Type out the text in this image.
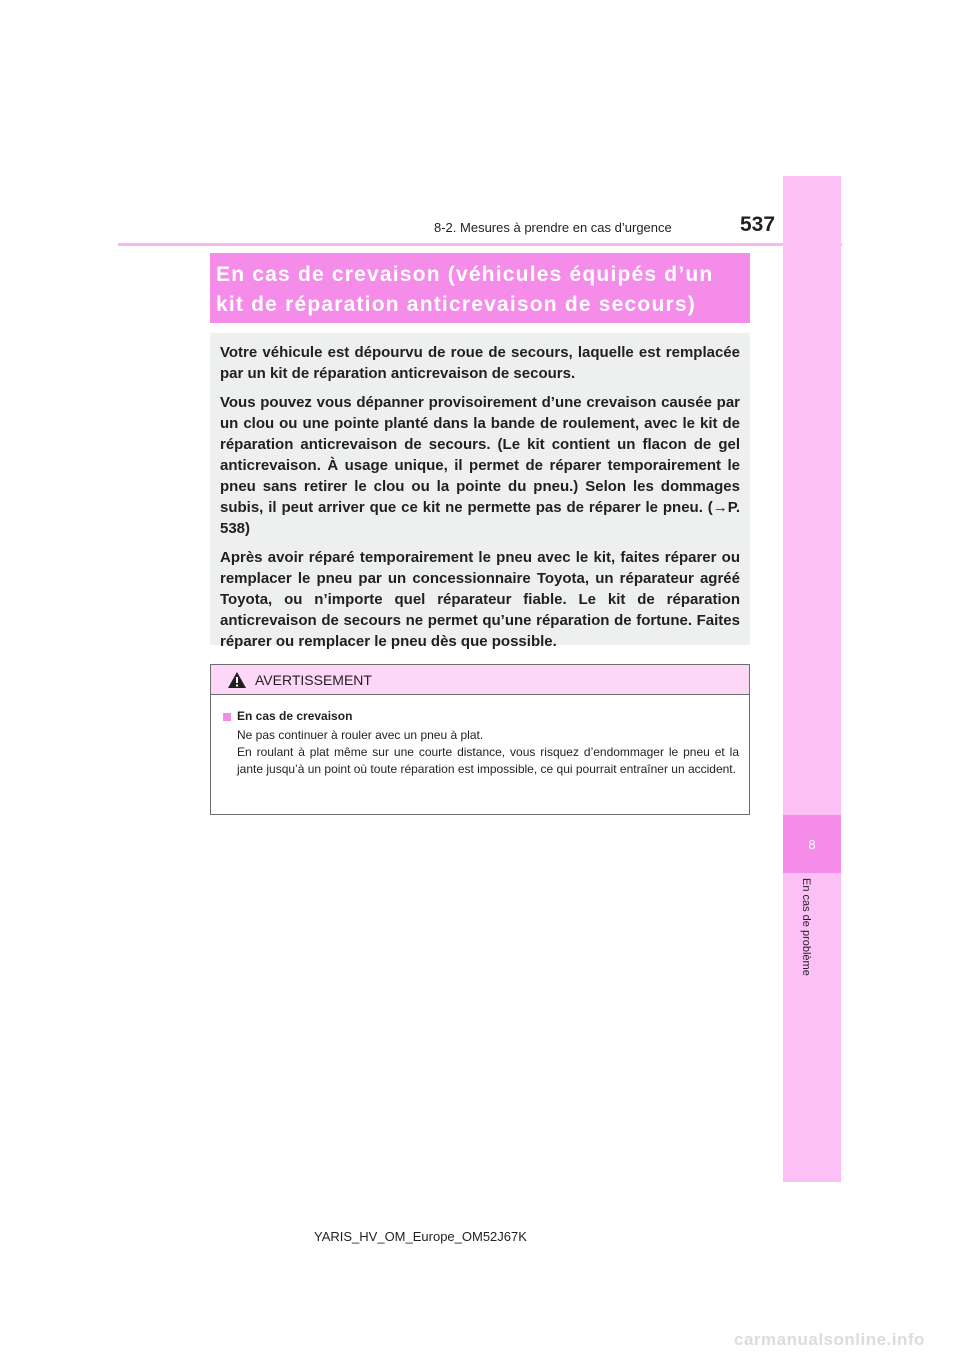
8-2. Mesures à prendre en cas d’urgence	537
8
En cas de problème
En cas de crevaison (véhicules équipés d’un
kit de réparation anticrevaison de secours)

Votre véhicule est dépourvu de roue de secours, laquelle est remplacée par un kit de réparation anticrevaison de secours.

Vous pouvez vous dépanner provisoirement d’une crevaison causée par un clou ou une pointe planté dans la bande de roulement, avec le kit de réparation anticrevaison de secours. (Le kit contient un flacon de gel anticrevaison. À usage unique, il permet de réparer temporairement le pneu sans retirer le clou ou la pointe du pneu.) Selon les dommages subis, il peut arriver que ce kit ne permette pas de réparer le pneu. (→P. 538)

Après avoir réparé temporairement le pneu avec le kit, faites réparer ou remplacer le pneu par un concessionnaire Toyota, un réparateur agréé Toyota, ou n’importe quel réparateur fiable. Le kit de réparation anticrevaison de secours ne permet qu’une réparation de fortune. Faites réparer ou remplacer le pneu dès que possible.

AVERTISSEMENT
En cas de crevaison

Ne pas continuer à rouler avec un pneu à plat.

En roulant à plat même sur une courte distance, vous risquez d’endommager le pneu et la jante jusqu’à un point où toute réparation est impossible, ce qui pourrait entraîner un accident.

YARIS_HV_OM_Europe_OM52J67K
carmanualsonline.info
